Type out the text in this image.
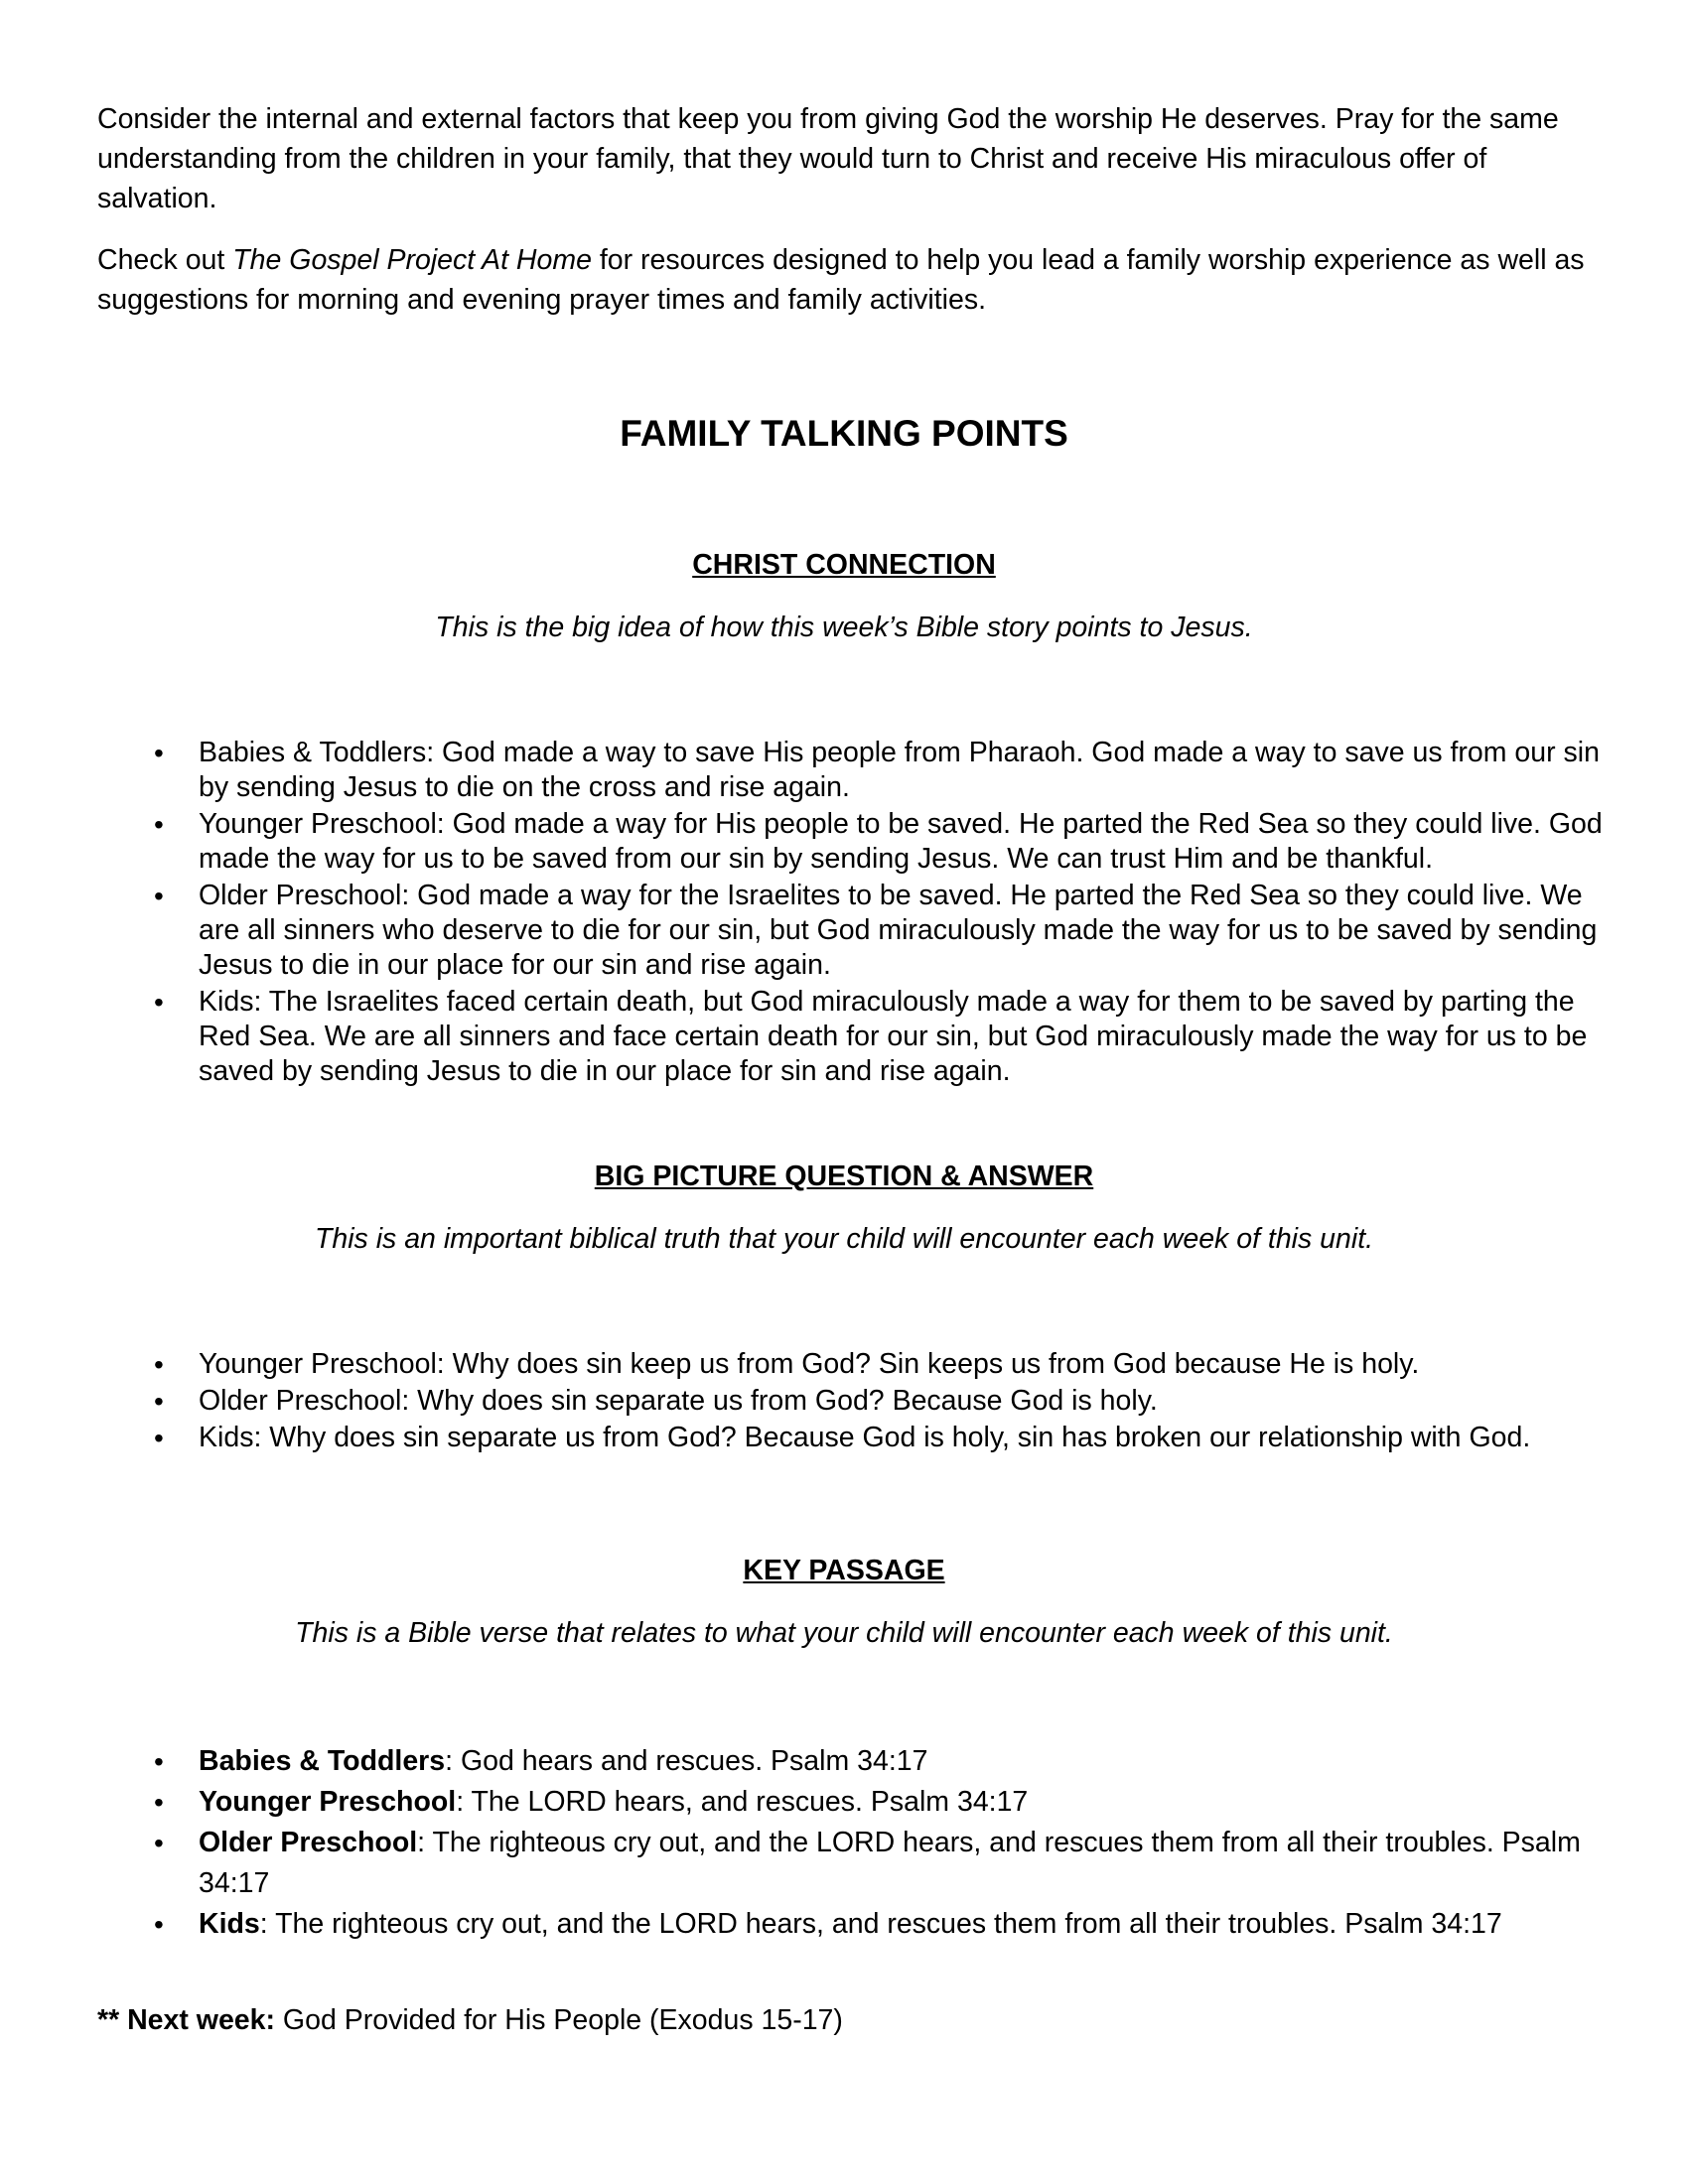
Consider the internal and external factors that keep you from giving God the worship He deserves. Pray for the same understanding from the children in your family, that they would turn to Christ and receive His miraculous offer of salvation.

Check out The Gospel Project At Home for resources designed to help you lead a family worship experience as well as suggestions for morning and evening prayer times and family activities.

FAMILY TALKING POINTS
CHRIST CONNECTION

This is the big idea of how this week’s Bible story points to Jesus.

• Babies & Toddlers: God made a way to save His people from Pharaoh. God made a way to save us from our sin by sending Jesus to die on the cross and rise again.
• Younger Preschool: God made a way for His people to be saved. He parted the Red Sea so they could live. God made the way for us to be saved from our sin by sending Jesus. We can trust Him and be thankful.
• Older Preschool: God made a way for the Israelites to be saved. He parted the Red Sea so they could live. We are all sinners who deserve to die for our sin, but God miraculously made the way for us to be saved by sending Jesus to die in our place for our sin and rise again.
• Kids: The Israelites faced certain death, but God miraculously made a way for them to be saved by parting the Red Sea. We are all sinners and face certain death for our sin, but God miraculously made the way for us to be saved by sending Jesus to die in our place for sin and rise again.
BIG PICTURE QUESTION & ANSWER

This is an important biblical truth that your child will encounter each week of this unit.

• Younger Preschool: Why does sin keep us from God? Sin keeps us from God because He is holy.
• Older Preschool: Why does sin separate us from God? Because God is holy.
• Kids: Why does sin separate us from God? Because God is holy, sin has broken our relationship with God.
KEY PASSAGE

This is a Bible verse that relates to what your child will encounter each week of this unit.

• Babies & Toddlers: God hears and rescues. Psalm 34:17
• Younger Preschool: The LORD hears, and rescues. Psalm 34:17
• Older Preschool: The righteous cry out, and the LORD hears, and rescues them from all their troubles. Psalm 34:17
• Kids: The righteous cry out, and the LORD hears, and rescues them from all their troubles. Psalm 34:17

** Next week: God Provided for His People (Exodus 15-17)
